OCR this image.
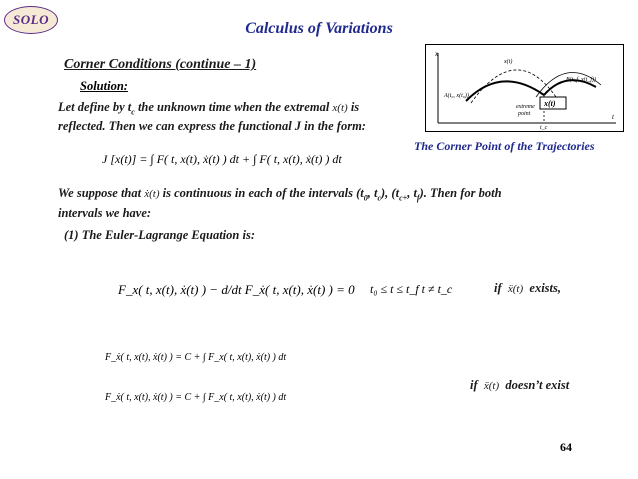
SOLO
Calculus of Variations
Corner Conditions (continue – 1)
Solution:
Let define by $t_c$ the unknown time when the extremal x(t) is
reflected. Then we can express the functional J in the form:
J [x(t)] = ∫ F( t, x(t), ẋ(t) ) dt + ∫ F( t, x(t), ẋ(t) ) dt
We suppose that ẋ(t) is continuous in each of the intervals ($t_0$, $t_c$), ($t_{c+}$, $t_f$). Then for both
intervals we have:
(1) The Euler-Lagrange Equation is:
F_x( t, x(t), ẋ(t) ) − d/dt F_ẋ( t, x(t), ẋ(t) ) = 0 t₀ ≤ t ≤ t_f t ≠ t_c	if ẍ(t) exists,
F_ẋ( t, x(t), ẋ(t) ) = C + ∫ F_x( t, x(t), ẋ(t) ) dt
F_ẋ( t, x(t), ẋ(t) ) = C + ∫ F_x( t, x(t), ẋ(t) ) dt
if ẍ(t) doesn’t exist
x
t
A(t₀, x(t₀))
B(t_f, x(t_f))
x(t)
x(t)
extreme
point
t_c
The Corner Point of the Trajectories
64
